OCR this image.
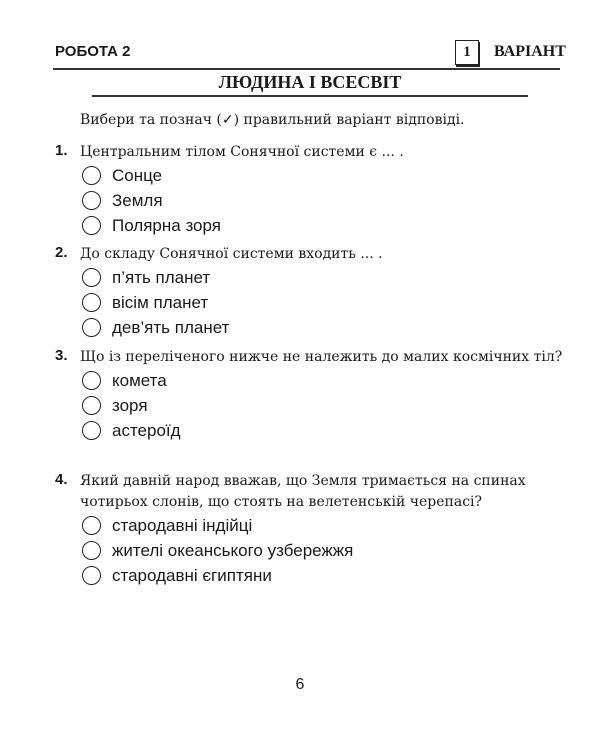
РОБОТА 2	1	ВАРІАНТ
ЛЮДИНА І ВСЕСВІТ
Вибери та познач (✓) правильний варіант відповіді.
1. Центральним тілом Сонячної системи є ... .
Сонце
Земля
Полярна зоря
2. До складу Сонячної системи входить ... .
п’ять планет
вісім планет
дев’ять планет
3. Що із переліченого нижче не належить до малих космічних тіл?
комета
зоря
астероїд
4. Який давній народ вважав, що Земля тримається на спинах чотирьох слонів, що стоять на велетенській черепасі?
стародавні індійці
жителі океанського узбережжя
стародавні єгиптяни
6
